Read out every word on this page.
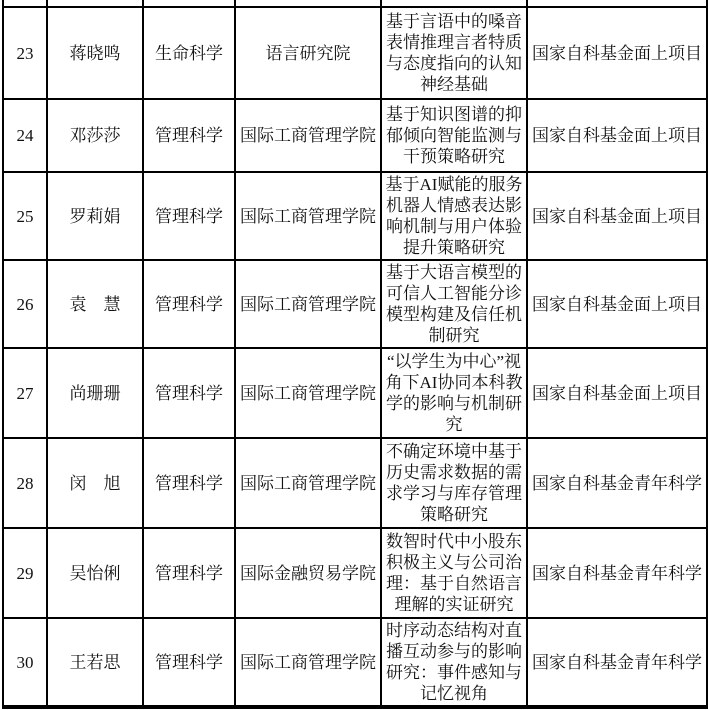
23	蒋晓鸣	生命科学	语言研究院	基于言语中的嗓音表情推理言者特质与态度指向的认知神经基础	国家自科基金面上项目
24	邓莎莎	管理科学	国际工商管理学院	基于知识图谱的抑郁倾向智能监测与干预策略研究	国家自科基金面上项目
25	罗莉娟	管理科学	国际工商管理学院	基于AI赋能的服务机器人情感表达影响机制与用户体验提升策略研究	国家自科基金面上项目
26	袁　慧	管理科学	国际工商管理学院	基于大语言模型的可信人工智能分诊模型构建及信任机制研究	国家自科基金面上项目
27	尚珊珊	管理科学	国际工商管理学院	“以学生为中心”视角下AI协同本科教学的影响与机制研究	国家自科基金面上项目
28	闵　旭	管理科学	国际工商管理学院	不确定环境中基于历史需求数据的需求学习与库存管理策略研究	国家自科基金青年科学
29	吴怡俐	管理科学	国际金融贸易学院	数智时代中小股东积极主义与公司治理：基于自然语言理解的实证研究	国家自科基金青年科学
30	王若思	管理科学	国际工商管理学院	时序动态结构对直播互动参与的影响研究：事件感知与记忆视角	国家自科基金青年科学
